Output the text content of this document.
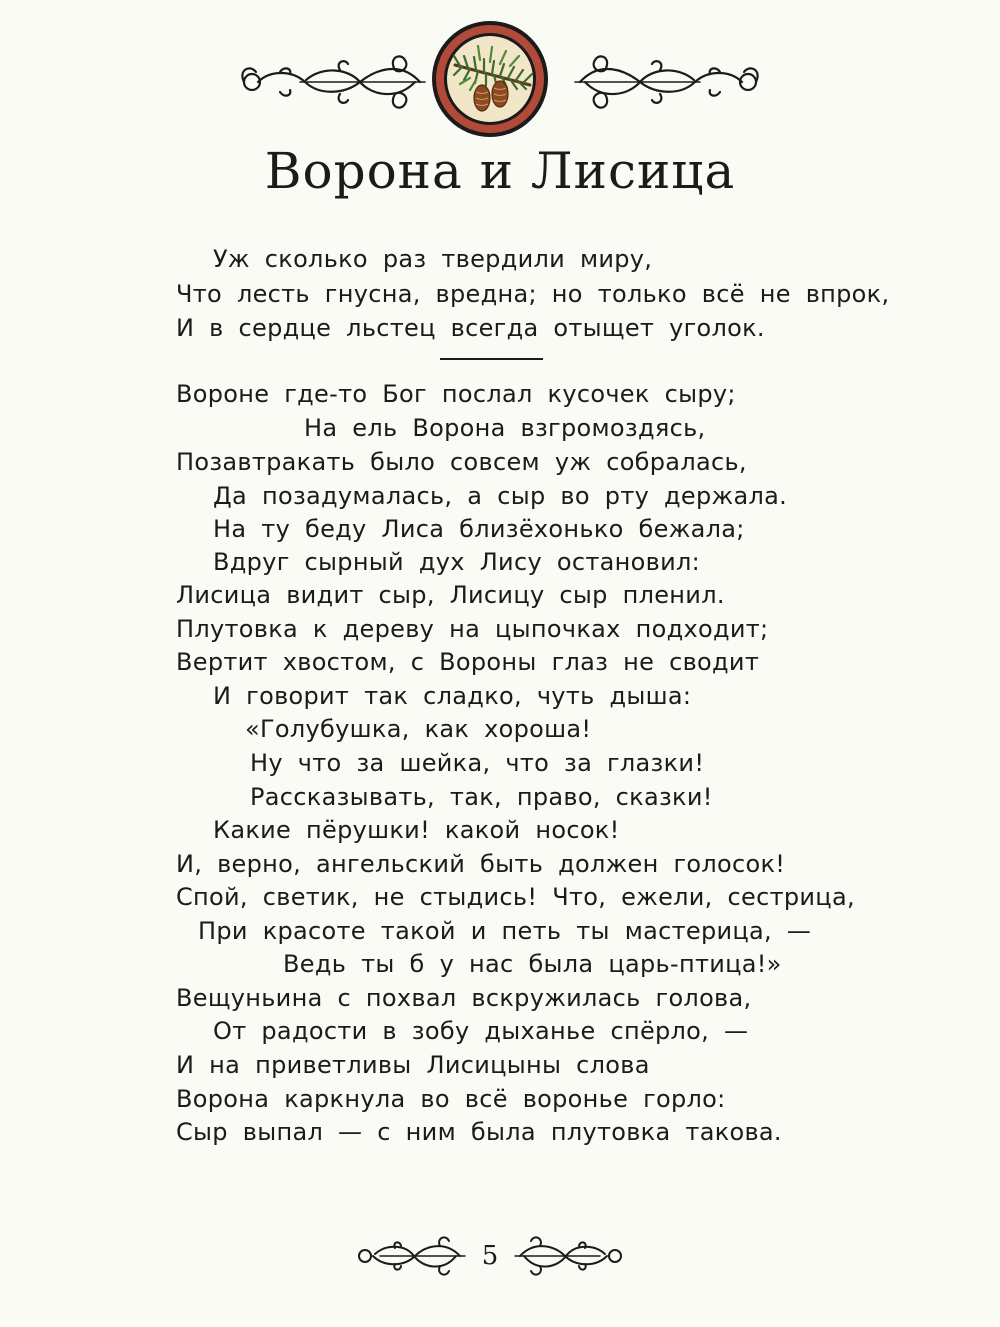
Ворона и Лисица
Уж сколько раз твердили миру,
Что лесть гнусна, вредна; но только всё не впрок,
И в сердце льстец всегда отыщет уголок.
Вороне где-то Бог послал кусочек сыру;
На ель Ворона взгромоздясь,
Позавтракать было совсем уж собралась,
Да позадумалась, а сыр во рту держала.
На ту беду Лиса близёхонько бежала;
Вдруг сырный дух Лису остановил:
Лисица видит сыр, Лисицу сыр пленил.
Плутовка к дереву на цыпочках подходит;
Вертит хвостом, с Вороны глаз не сводит
И говорит так сладко, чуть дыша:
«Голубушка, как хороша!
Ну что за шейка, что за глазки!
Рассказывать, так, право, сказки!
Какие пёрушки! какой носок!
И, верно, ангельский быть должен голосок!
Спой, светик, не стыдись! Что, ежели, сестрица,
При красоте такой и петь ты мастерица, —
Ведь ты б у нас была царь-птица!»
Вещуньина с похвал вскружилась голова,
От радости в зобу дыханье спёрло, —
И на приветливы Лисицыны слова
Ворона каркнула во всё воронье горло:
Сыр выпал — с ним была плутовка такова.
5
